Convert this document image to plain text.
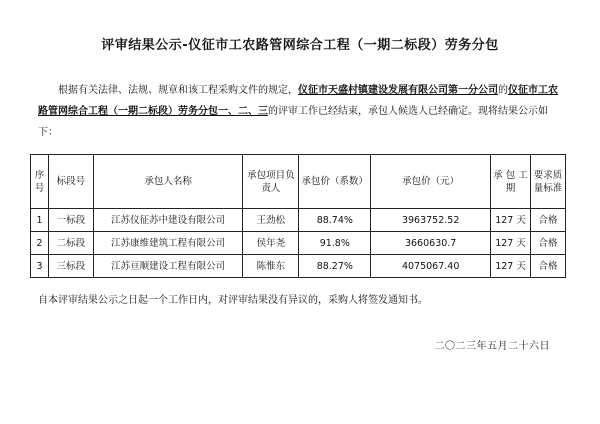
评审结果公示-仪征市工农路管网综合工程（一期二标段）劳务分包
根据有关法律、法规、规章和该工程采购文件的规定，仪征市天盛村镇建设发展有限公司第一分公司的仪征市工农路管网综合工程（一期二标段）劳务分包一、二、三的评审工作已经结束，承包人候选人已经确定。现将结果公示如下：
序号	标段号	承包人名称	承包项目负责人	承包价（系数）	承包价（元）	承 包 工 期	要求质量标准
1	一标段	江苏仪征苏中建设有限公司	王劲松	88.74%	3963752.52	127 天	合格
2	二标段	江苏康维建筑工程有限公司	侯年尧	91.8%	3660630.7	127 天	合格
3	三标段	江苏亘顺建设工程有限公司	陈惟东	88.27%	4075067.40	127 天	合格
自本评审结果公示之日起一个工作日内，对评审结果没有异议的，采购人将签发通知书。
二〇二三年五月二十六日
